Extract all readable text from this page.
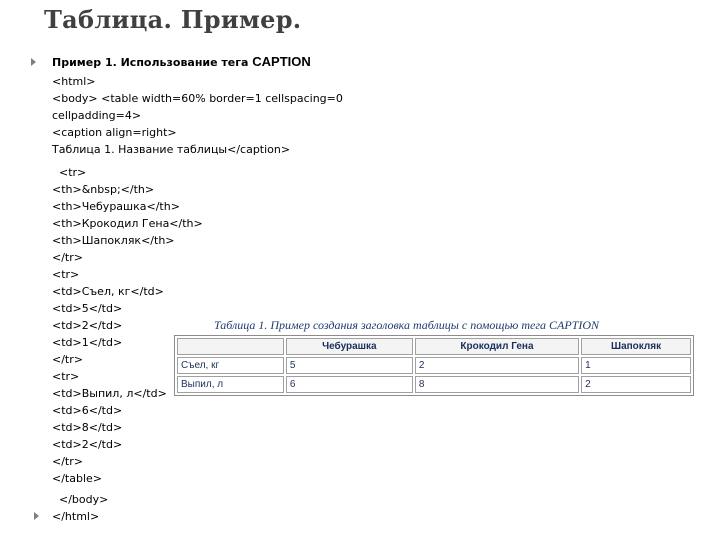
Таблица. Пример.
Пример 1. Использование тега CAPTION
<html>
<body> <table width=60% border=1 cellspacing=0
cellpadding=4>
<caption align=right>
Таблица 1. Название таблицы</caption>
<tr>
<th>&nbsp;</th>
<th>Чебурашка</th>
<th>Крокодил Гена</th>
<th>Шапокляк</th>
</tr>
<tr>
<td>Съел, кг</td>
<td>5</td>
<td>2</td>
<td>1</td>
</tr>
<tr>
<td>Выпил, л</td>
<td>6</td>
<td>8</td>
<td>2</td>
</tr>
</table>
</body>
</html>
Таблица 1. Пример создания заголовка таблицы с помощью тега CAPTION
	Чебурашка	Крокодил Гена	Шапокляк
Съел, кг	5	2	1
Выпил, л	6	8	2
